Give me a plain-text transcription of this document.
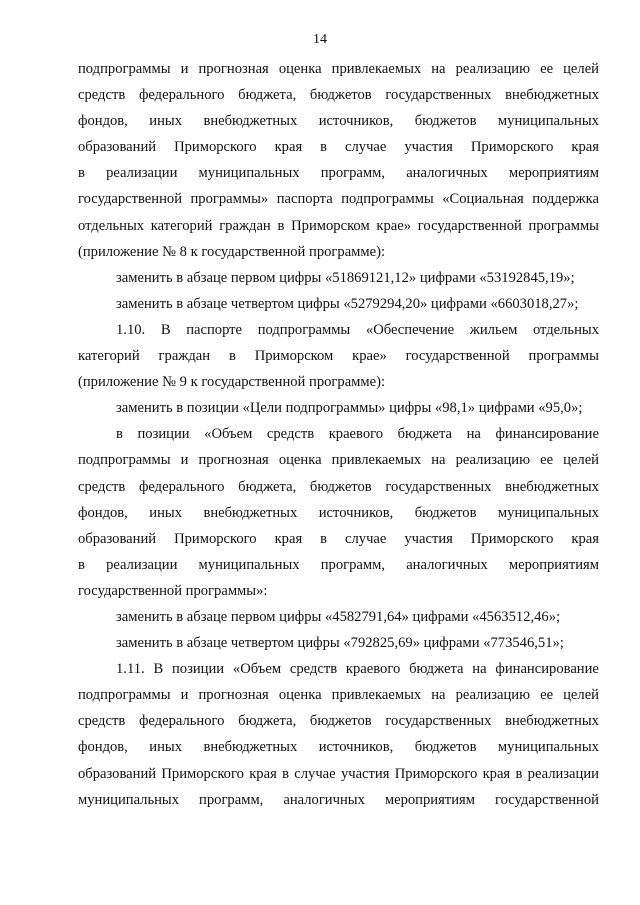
14
подпрограммы и прогнозная оценка привлекаемых на реализацию ее целей
средств федерального бюджета, бюджетов государственных внебюджетных
фондов, иных внебюджетных источников, бюджетов муниципальных
образований Приморского края в случае участия Приморского края
в реализации муниципальных программ, аналогичных мероприятиям
государственной программы» паспорта подпрограммы «Социальная поддержка
отдельных категорий граждан в Приморском крае» государственной программы
(приложение № 8 к государственной программе):
заменить в абзаце первом цифры «51869121,12» цифрами «53192845,19»;
заменить в абзаце четвертом цифры «5279294,20» цифрами «6603018,27»;
1.10. В паспорте подпрограммы «Обеспечение жильем отдельных
категорий граждан в Приморском крае» государственной программы
(приложение № 9 к государственной программе):
заменить в позиции «Цели подпрограммы» цифры «98,1» цифрами «95,0»;
в позиции «Объем средств краевого бюджета на финансирование
подпрограммы и прогнозная оценка привлекаемых на реализацию ее целей
средств федерального бюджета, бюджетов государственных внебюджетных
фондов, иных внебюджетных источников, бюджетов муниципальных
образований Приморского края в случае участия Приморского края
в реализации муниципальных программ, аналогичных мероприятиям
государственной программы»:
заменить в абзаце первом цифры «4582791,64» цифрами «4563512,46»;
заменить в абзаце четвертом цифры «792825,69» цифрами «773546,51»;
1.11. В позиции «Объем средств краевого бюджета на финансирование
подпрограммы и прогнозная оценка привлекаемых на реализацию ее целей
средств федерального бюджета, бюджетов государственных внебюджетных
фондов, иных внебюджетных источников, бюджетов муниципальных
образований Приморского края в случае участия Приморского края в реализации
муниципальных программ, аналогичных мероприятиям государственной
